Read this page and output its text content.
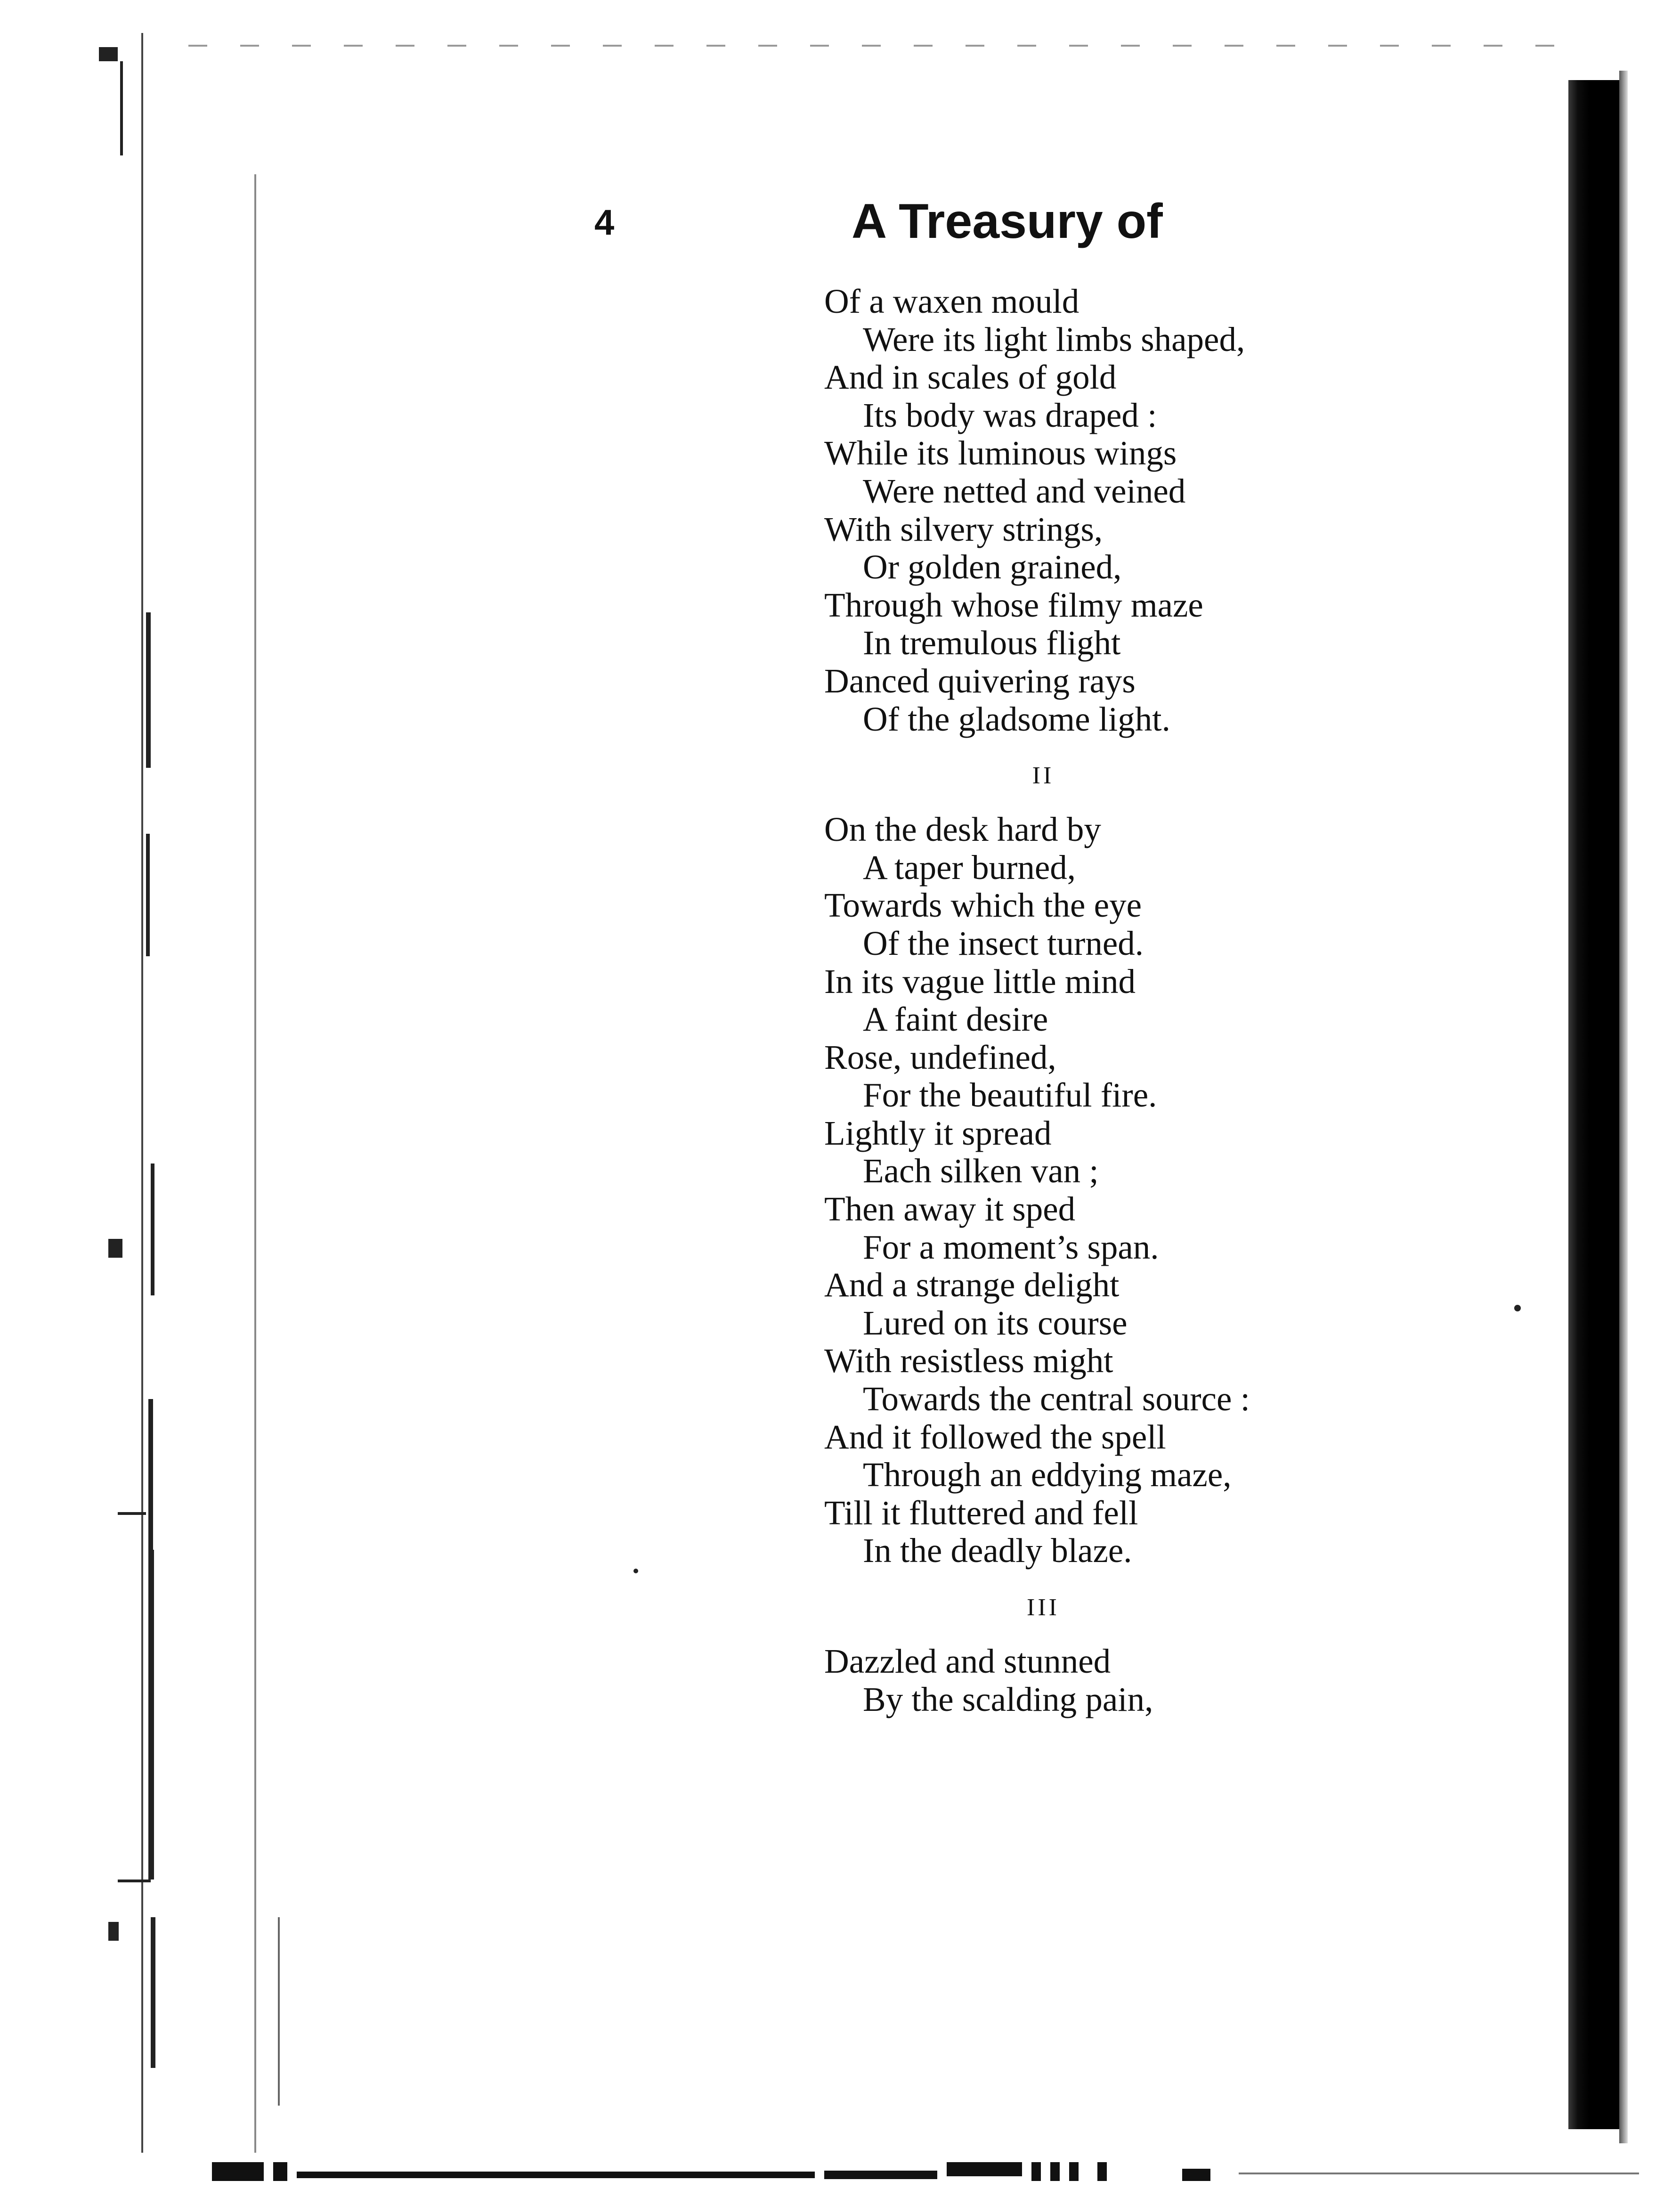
4	A Treasury of
Of a waxen mould
Were its light limbs shaped,
And in scales of gold
Its body was draped :
While its luminous wings
Were netted and veined
With silvery strings,
Or golden grained,
Through whose filmy maze
In tremulous flight
Danced quivering rays
Of the gladsome light.
II
On the desk hard by
A taper burned,
Towards which the eye
Of the insect turned.
In its vague little mind
A faint desire
Rose, undefined,
For the beautiful fire.
Lightly it spread
Each silken van ;
Then away it sped
For a moment’s span.
And a strange delight
Lured on its course
With resistless might
Towards the central source :
And it followed the spell
Through an eddying maze,
Till it fluttered and fell
In the deadly blaze.
III
Dazzled and stunned
By the scalding pain,
